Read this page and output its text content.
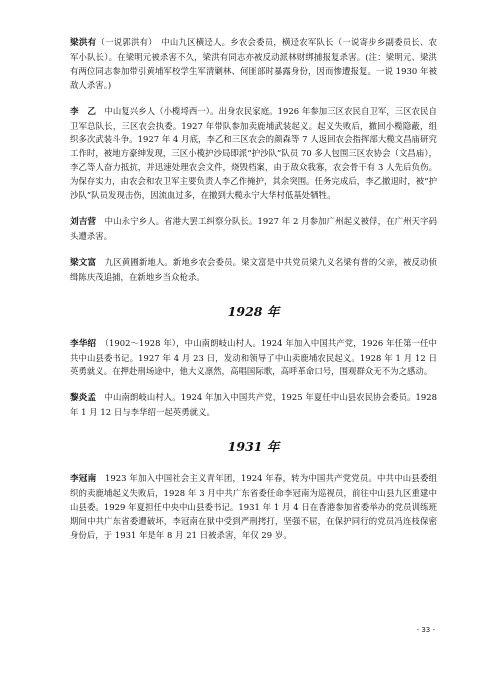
梁洪有（一说郭洪有）　 中山九区横迳人。乡农会委员，横迳农军队长（一说寄步乡副委员长、农军小队长）。在梁明元被杀害不久，梁洪有同志亦被反动派林财绑捕报复杀害。(注：梁明元、梁洪有两位同志参加带引黄埔军校学生军清剿林、何匪部时暴露身份，因而惨遭报复。一说 1930 年被敌人杀害。)

李　乙　 中山复兴乡人（小榄埒西一）。出身农民家庭。1926 年参加三区农民自卫军，三区农民自卫军总队长，三区农会执委。1927 年带队参加卖鹿埔武装起义。起义失败后，撤回小榄隐蔽，组织多次武装斗争。1927 年 4 月底，李乙和三区农会的颜森等 7 人返回农会指挥部大榄文昌庙研究工作时，被地方豪绅发现，三区小榄护沙局即派“护沙队”队员 70 多人包围三区农协会（文昌庙），李乙等人奋力抵抗，并迅速处理农会文件，烧毁档案，由于敌众我寡，农会骨干有 3 人先后负伤。为保存实力，由农会和农卫军主要负责人李乙作掩护，其余突围。任务完成后，李乙撤退时，被“护沙队”队员发现击伤，因流血过多，在撤到大榄永宁大华村低基处牺牲。

刘吉营　 中山永宁乡人。省港大罢工纠察分队长。1927 年 2 月参加广州起义被俘，在广州天字码头遭杀害。

梁文富　 九区黄圃新地人。新地乡农会委员。梁文富是中共党员梁九义名梁有普的父亲，被反动侦缉陈庆茂追捕，在新地乡当众枪杀。

1928 年

李华绍　 （1902～1928 年），中山南朗岐山村人。1924 年加入中国共产党，1926 年任第一任中共中山县委书记。1927 年 4 月 23 日，发动和领导了中山卖鹿埔农民起义。1928 年 1 月 12 日英勇就义。在押赴刑场途中，他大义凛然，高唱国际歌，高呼革命口号，围观群众无不为之感动。

黎炎孟　 中山南朗岐山村人。1924 年加入中国共产党，1925 年夏任中山县农民协会委员。1928 年 1 月 12 日与李华绍一起英勇就义。

1931 年

李冠南　 1923 年加入中国社会主义青年团，1924 年春，转为中国共产党党员。中共中山县委组织的卖鹿埔起义失败后，1928 年 3 月中共广东省委任命李冠南为巡视员，前往中山县九区重建中山县委。1929 年夏担任中央中山县委书记。1931 年 1 月 4 日在香港参加省委举办的党员训练班期间中共广东省委遭破坏，李冠南在狱中受到严刑拷打，坚强不屈，在保护同行的党员冯连枝保密身份后，于 1931 年是年 8 月 21 日被杀害，年仅 29 岁。

- 33 -
